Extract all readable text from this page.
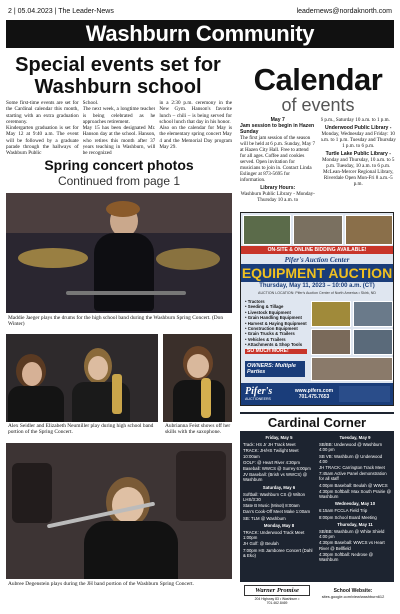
2 | 05.04.2023 | The Leader-News	leadernews@nordaknorth.com
Washburn Community
Special events set for Washburn school
Some first-time events are set for the Cardinal calendar this month, starting with an extra graduation ceremony.
Kindergarten graduation is set for May 12 at 9:40 a.m. The event will be followed by a graduate parade through the hallways of Washburn Public
School.
The next week, a longtime teacher is being celebrated as he approaches retirement.
May 15 has been designated Mr. Hanson day at the school. Hanson, who retires this month after 37 years teaching in Washburn, will be recognized
in a 2:30 p.m. ceremony in the New Gym. Hanson's favorite lunch – chili – is being served for school lunch that day in his honor.
Also on the calendar for May is the elementary spring concert May 4 and the Memorial Day program May 29.
Spring concert photos
Continued from page 1
Maddie Jaeger plays the drums for the high school band during the Washburn Spring Concert. (Don Winter)
Alex Seidler and Elizabeth Neumiller play during high school band portion of the Spring Concert.
Aubrianna Feist shows off her skills with the saxophone.
Aubree Degenstein plays during the JH band portion of the Washburn Spring Concert.
Calendar
of events
May 7
Jam session to begin in Hazen Sunday
The first jam session of the season will be held at 6 p.m. Sunday, May 7 at Hazen City Hall. Free to attend for all ages. Coffee and cookies served. Open invitation for musicians to join in. Contact Linda Eslinger at 873-5695 for information.
Library Hours:
Washburn Public Library - Monday-Thursday 10 a.m. to
6 p.m., Saturday 10 a.m. to 1 p.m.
Underwood Public Library -
Monday, Wednesday and Friday: 10 a.m. to 1 p.m. Tuesday and Thursday 1 p.m. to 6 p.m.
Turtle Lake Public Library -
Monday and Thursday, 10 a.m. to 5 p.m. Tuesday, 10 a.m. to 6 p.m. McLean-Mercer Regional Library, Riverdale Open Mon-Fri 8 a.m.-5 p.m.
ON-SITE & ONLINE BIDDING AVAILABLE!
Pifer's Auction Center
EQUIPMENT AUCTION
Thursday, May 11, 2023 – 10:00 a.m. (CT)
AUCTION LOCATION: Pifer's Auction Center of North America • Skirk, ND
• Tractors
• Seeding & Tillage
• Livestock Equipment
• Grain Handling Equipment
• Harvest & Haying Equipment
• Construction Equipment
• Grain Trucks & Trailers
• Vehicles & Trailers
• Attachments & Shop Tools
SO MUCH MORE!
OWNERS: Multiple Parties
Pifer's
AUCTIONEERS
www.pifers.com
701.475.7653
Cardinal Corner
Friday, May 5
Track: HS Jr JH Track Meet
TRACK: JH/HS Twilight Meet 10:00am
GOLF: @ Heart River 4:30pm
Baseball: WWCS @ Surrey 6:00pm
JV Baseball: (Brish vs WWCS) @ Washburn
Saturday, May 6
Softball: Washburn CS @ Wilton LHS/3:30
State B Music (Minot) 8:00am
Dan's Cook-Off Meet Make 1:00am
SB: TLM @ Washburn
Monday, May 8
TRACK: Underwood Track Meet 1:00pm
JH Golf: @ Beulah
7:00pm HS Jamboree Concert (Dahl & Eko)
Tuesday, May 9
SB/BB: Underwood @ Washburn 4:00 pm
SB VB: Washburn @ Underwood 4:00
JH TRACK: Carrington Track Meet
7:45am Active Panel demonstration for all staff
4:00pm Baseball: Beulah @ WWCS
4:30pm Softball: Max South Prairie @ Washburn
Wednesday, May 10
6:15am FCCLA Field Trip
8:00pm School Board Meeting
Thursday, May 11
SB/BB: Washburn @ White Shield 4:00 pm
4:30pm Baseball: WWCS vs Heart River @ Bellfield
4:30pm Softball: Nedrose @ Washburn
Warner Promise
204 Highway 83 • Washburn • 701.462.8469
School Website:
sites.google.com/view/washburn612
